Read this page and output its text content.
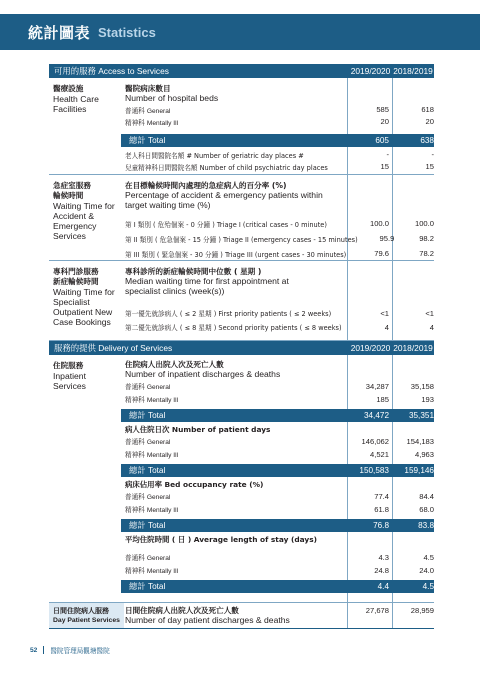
統計圖表 Statistics
可用的服務 Access to Services	2019/2020 2018/2019
醫療設施
Health Care Facilities
醫院病床數目
Number of hospital beds
普通科 General	585	618
精神科 Mentally Ill	20	20
總計 Total	605	638
老人科日間醫院名額 # Number of geriatric day places #	-	-
兒童精神科日間醫院名額 Number of child psychiatric day places	15	15
急症室服務
輪候時間
Waiting Time for Accident & Emergency Services
在目標輪候時間內處理的急症病人的百分率 (%)
Percentage of accident & emergency patients within target waiting time (%)
第 I 類別 ( 危殆個案 - 0 分鐘 ) Triage I (critical cases - 0 minute)	100.0	100.0
第 II 類別 ( 危急個案 - 15 分鐘 ) Triage II (emergency cases - 15 minutes)	95.9	98.2
第 III 類別 ( 緊急個案 - 30 分鐘 ) Triage III (urgent cases - 30 minutes)	79.6	78.2
專科門診服務
新症輪候時間
Waiting Time for Specialist Outpatient New Case Bookings
專科診所的新症輪候時間中位數 ( 星期 )
Median waiting time for first appointment at specialist clinics (week(s))
第一優先就診病人 ( ≤ 2 星期 ) First priority patients ( ≤ 2 weeks)	<1	<1
第二優先就診病人 ( ≤ 8 星期 ) Second priority patients ( ≤ 8 weeks)	4	4
服務的提供 Delivery of Services	2019/2020 2018/2019
住院服務
Inpatient Services
住院病人出院人次及死亡人數
Number of inpatient discharges & deaths
普通科 General	34,287	35,158
精神科 Mentally Ill	185	193
總計 Total	34,472	35,351
病人住院日次 Number of patient days
普通科 General	146,062	154,183
精神科 Mentally Ill	4,521	4,963
總計 Total	150,583	159,146
病床佔用率 Bed occupancy rate (%)
普通科 General	77.4	84.4
精神科 Mentally Ill	61.8	68.0
總計 Total	76.8	83.8
平均住院時間 ( 日 ) Average length of stay (days)
普通科 General	4.3	4.5
精神科 Mentally Ill	24.8	24.0
總計 Total	4.4	4.5
日間住院病人服務
Day Patient Services
日間住院病人出院人次及死亡人數
Number of day patient discharges & deaths
27,678	28,959
52 醫院管理局觀塘醫院
